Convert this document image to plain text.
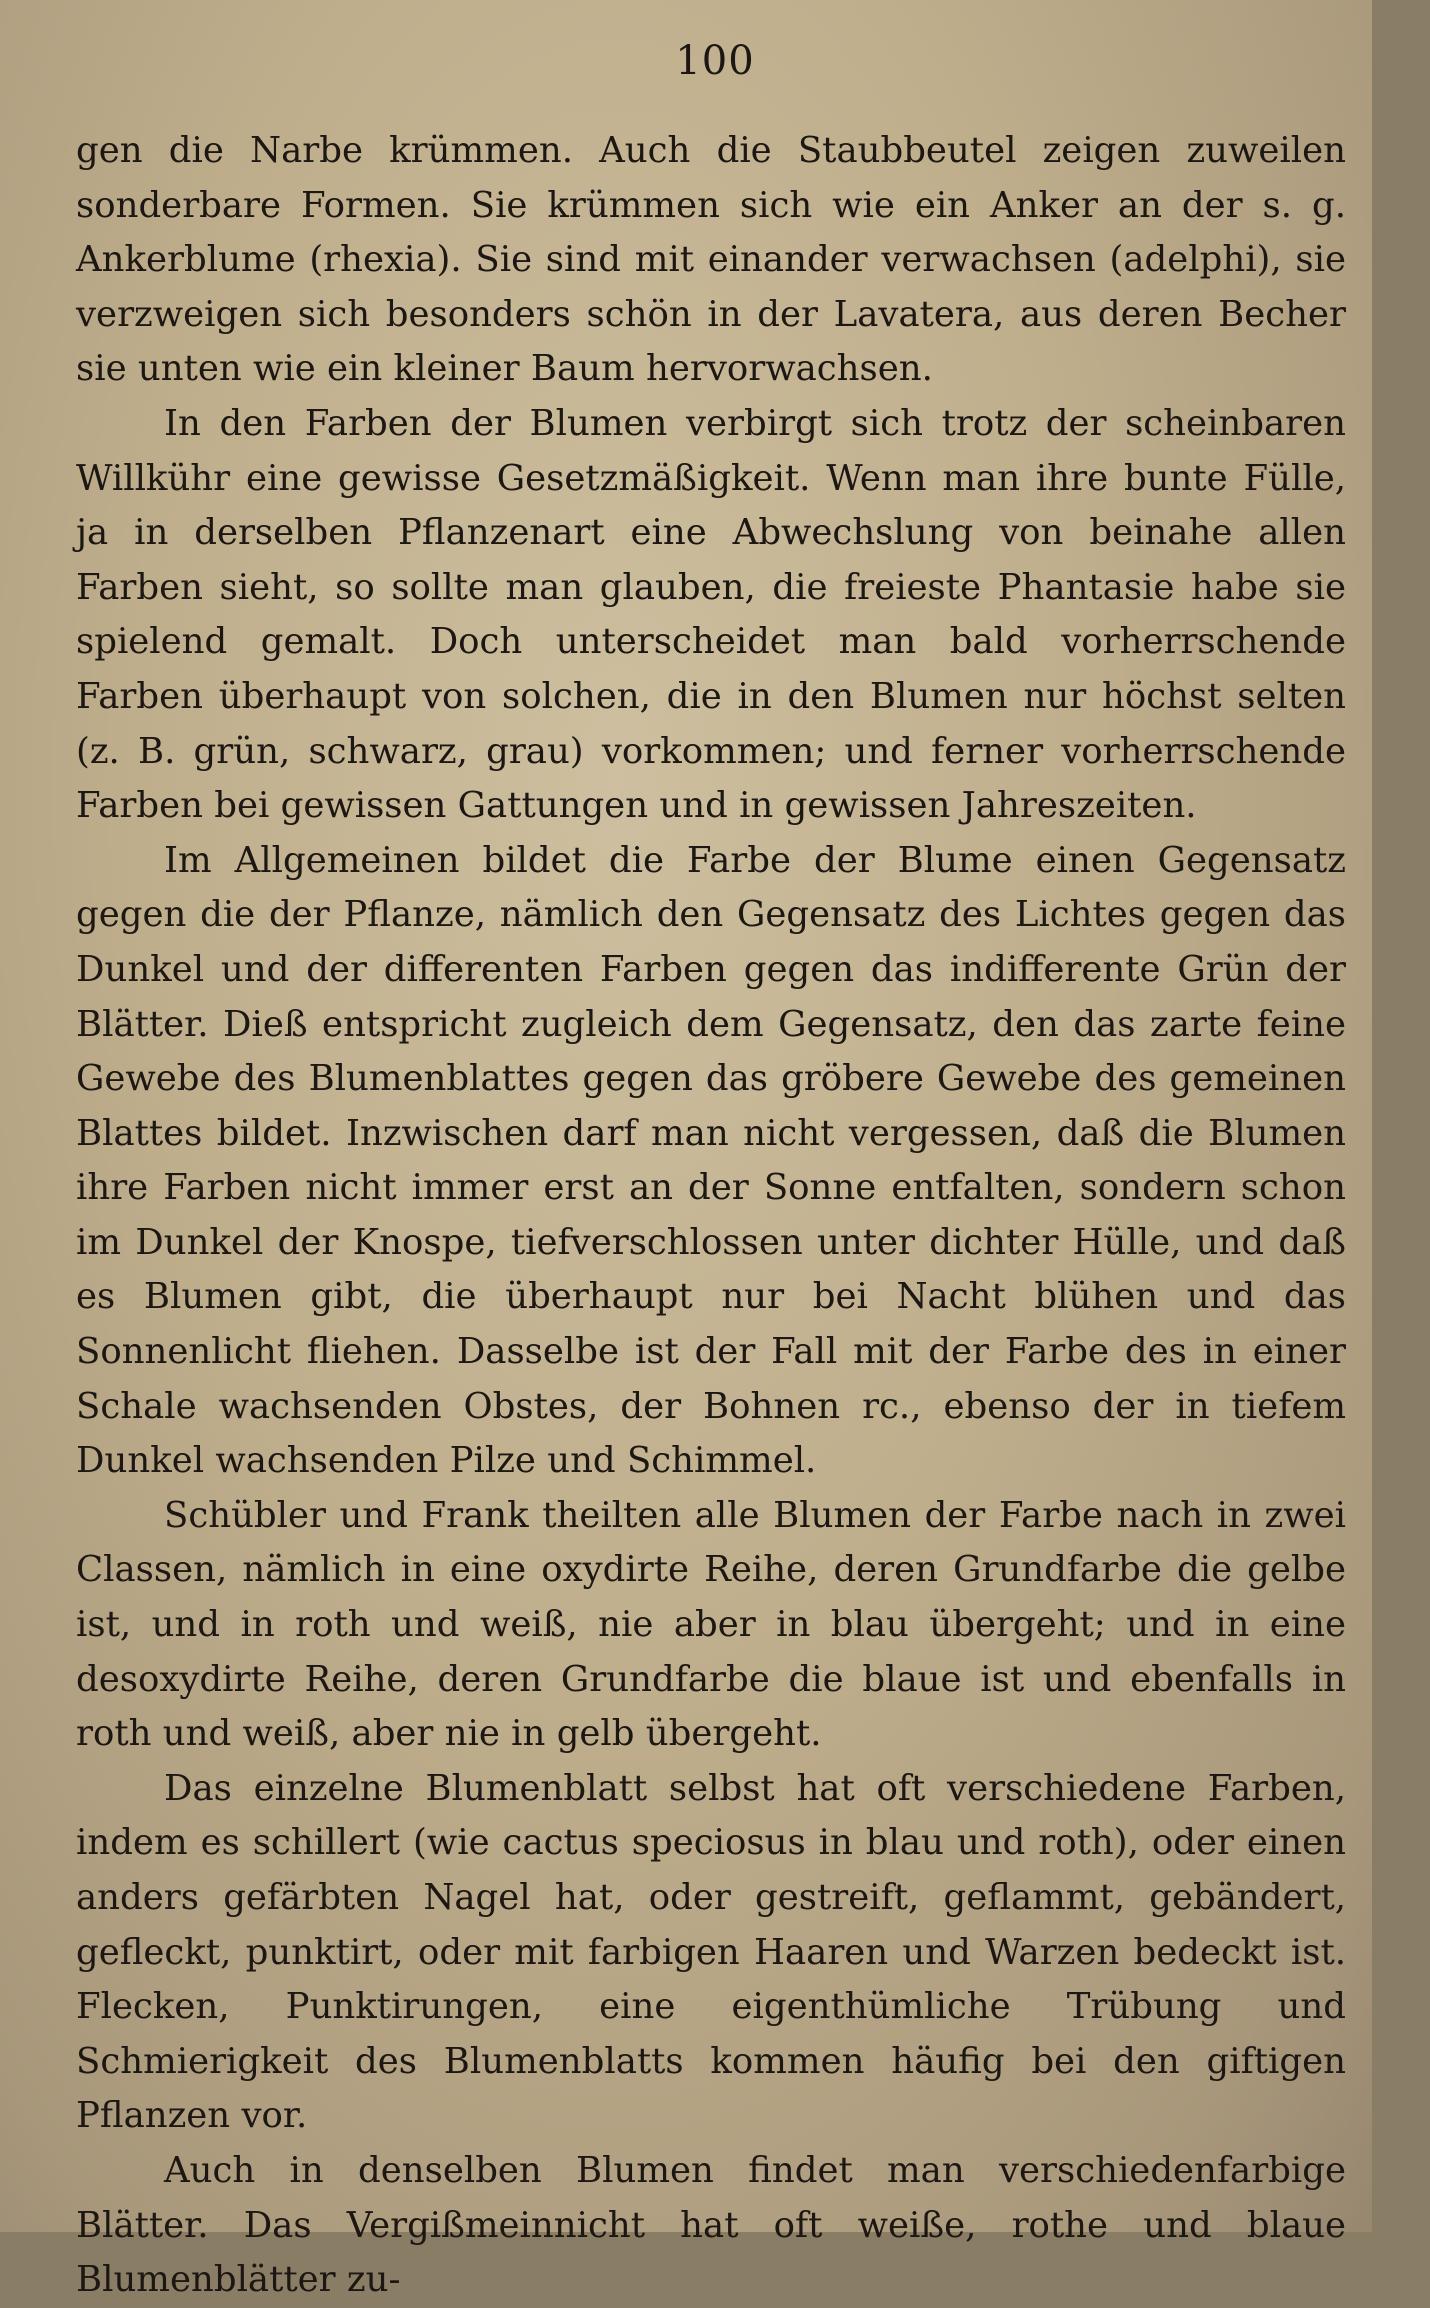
100

gen die Narbe krümmen. Auch die Staubbeutel zeigen zuweilen sonderbare Formen. Sie krümmen sich wie ein Anker an der s. g. Ankerblume (rhexia). Sie sind mit einander verwachsen (adelphi), sie verzweigen sich besonders schön in der Lavatera, aus deren Becher sie unten wie ein kleiner Baum hervorwachsen.

In den Farben der Blumen verbirgt sich trotz der scheinbaren Willkühr eine gewisse Gesetzmäßigkeit. Wenn man ihre bunte Fülle, ja in derselben Pflanzenart eine Abwechslung von beinahe allen Farben sieht, so sollte man glauben, die freieste Phantasie habe sie spielend gemalt. Doch unterscheidet man bald vorherrschende Farben überhaupt von solchen, die in den Blumen nur höchst selten (z. B. grün, schwarz, grau) vorkommen; und ferner vorherrschende Farben bei gewissen Gattungen und in gewissen Jahreszeiten.

Im Allgemeinen bildet die Farbe der Blume einen Gegensatz gegen die der Pflanze, nämlich den Gegensatz des Lichtes gegen das Dunkel und der differenten Farben gegen das indifferente Grün der Blätter. Dieß entspricht zugleich dem Gegensatz, den das zarte feine Gewebe des Blumenblattes gegen das gröbere Gewebe des gemeinen Blattes bildet. Inzwischen darf man nicht vergessen, daß die Blumen ihre Farben nicht immer erst an der Sonne entfalten, sondern schon im Dunkel der Knospe, tiefverschlossen unter dichter Hülle, und daß es Blumen gibt, die überhaupt nur bei Nacht blühen und das Sonnenlicht fliehen. Dasselbe ist der Fall mit der Farbe des in einer Schale wachsenden Obstes, der Bohnen rc., ebenso der in tiefem Dunkel wachsenden Pilze und Schimmel.

Schübler und Frank theilten alle Blumen der Farbe nach in zwei Classen, nämlich in eine oxydirte Reihe, deren Grundfarbe die gelbe ist, und in roth und weiß, nie aber in blau übergeht; und in eine desoxydirte Reihe, deren Grundfarbe die blaue ist und ebenfalls in roth und weiß, aber nie in gelb übergeht.

Das einzelne Blumenblatt selbst hat oft verschiedene Farben, indem es schillert (wie cactus speciosus in blau und roth), oder einen anders gefärbten Nagel hat, oder gestreift, geflammt, gebändert, gefleckt, punktirt, oder mit farbigen Haaren und Warzen bedeckt ist. Flecken, Punktirungen, eine eigenthümliche Trübung und Schmierigkeit des Blumenblatts kommen häufig bei den giftigen Pflanzen vor.

Auch in denselben Blumen findet man verschiedenfarbige Blätter. Das Vergißmeinnicht hat oft weiße, rothe und blaue Blumenblätter zu-
